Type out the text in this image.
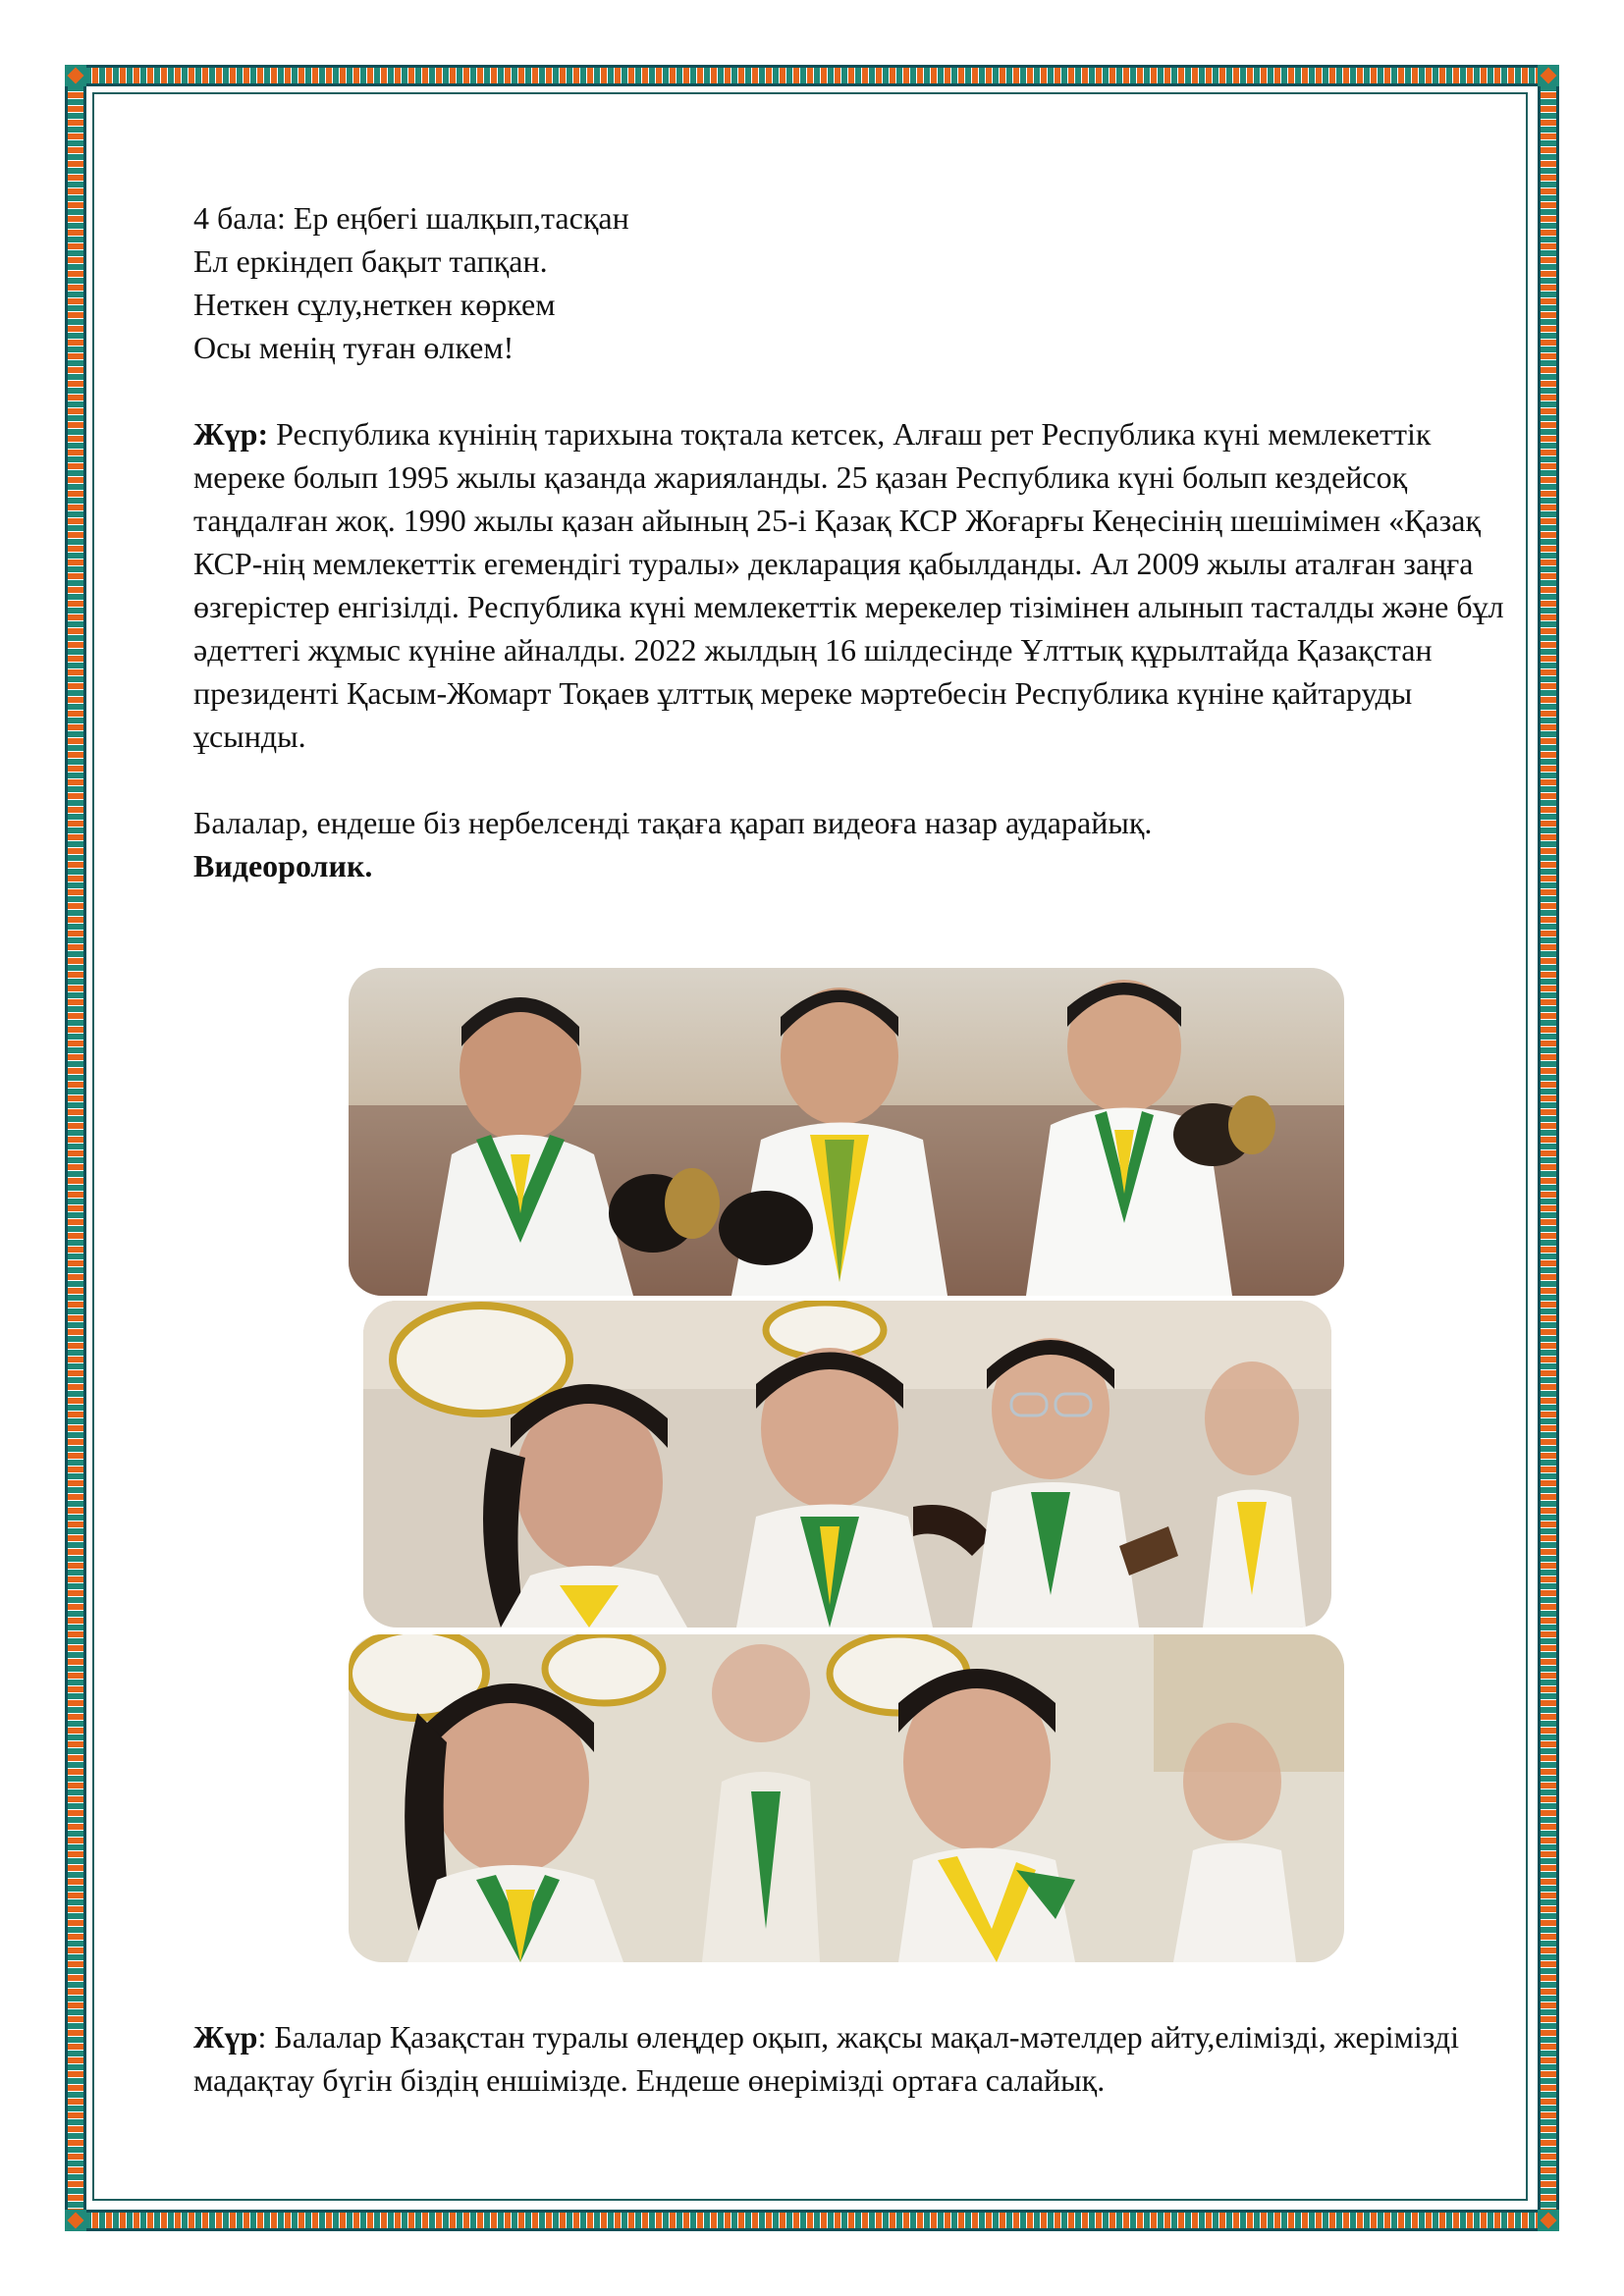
4 бала: Ер еңбегі шалқып,тасқан

Ел еркіндеп бақыт тапқан.

Неткен сұлу,неткен көркем

Осы менің туған өлкем!

Жүр: Республика күнінің тарихына тоқтала кетсек, Алғаш рет Республика күні мемлекеттік мереке болып 1995 жылы қазанда жарияланды. 25 қазан Республика күні болып кездейсоқ таңдалған жоқ. 1990 жылы қазан айының 25-і Қазақ КСР Жоғарғы Кеңесінің шешімімен «Қазақ КСР-нің мемлекеттік егемендігі туралы» декларация қабылданды. Ал 2009 жылы аталған заңға өзгерістер енгізілді. Республика күні мемлекеттік мерекелер тізімінен алынып тасталды және бұл әдеттегі жұмыс күніне айналды. 2022 жылдың 16 шілдесінде Ұлттық құрылтайда Қазақстан президенті Қасым-Жомарт Тоқаев ұлттық мереке мәртебесін Республика күніне қайтаруды ұсынды.

Балалар, ендеше біз нербелсенді тақаға қарап видеоға назар аударайық.

Видеоролик.

Жүр: Балалар Қазақстан туралы өлеңдер оқып, жақсы мақал-мәтелдер айту,елімізді, жерімізді мадақтау бүгін біздің еншімізде. Ендеше өнерімізді ортаға салайық.
